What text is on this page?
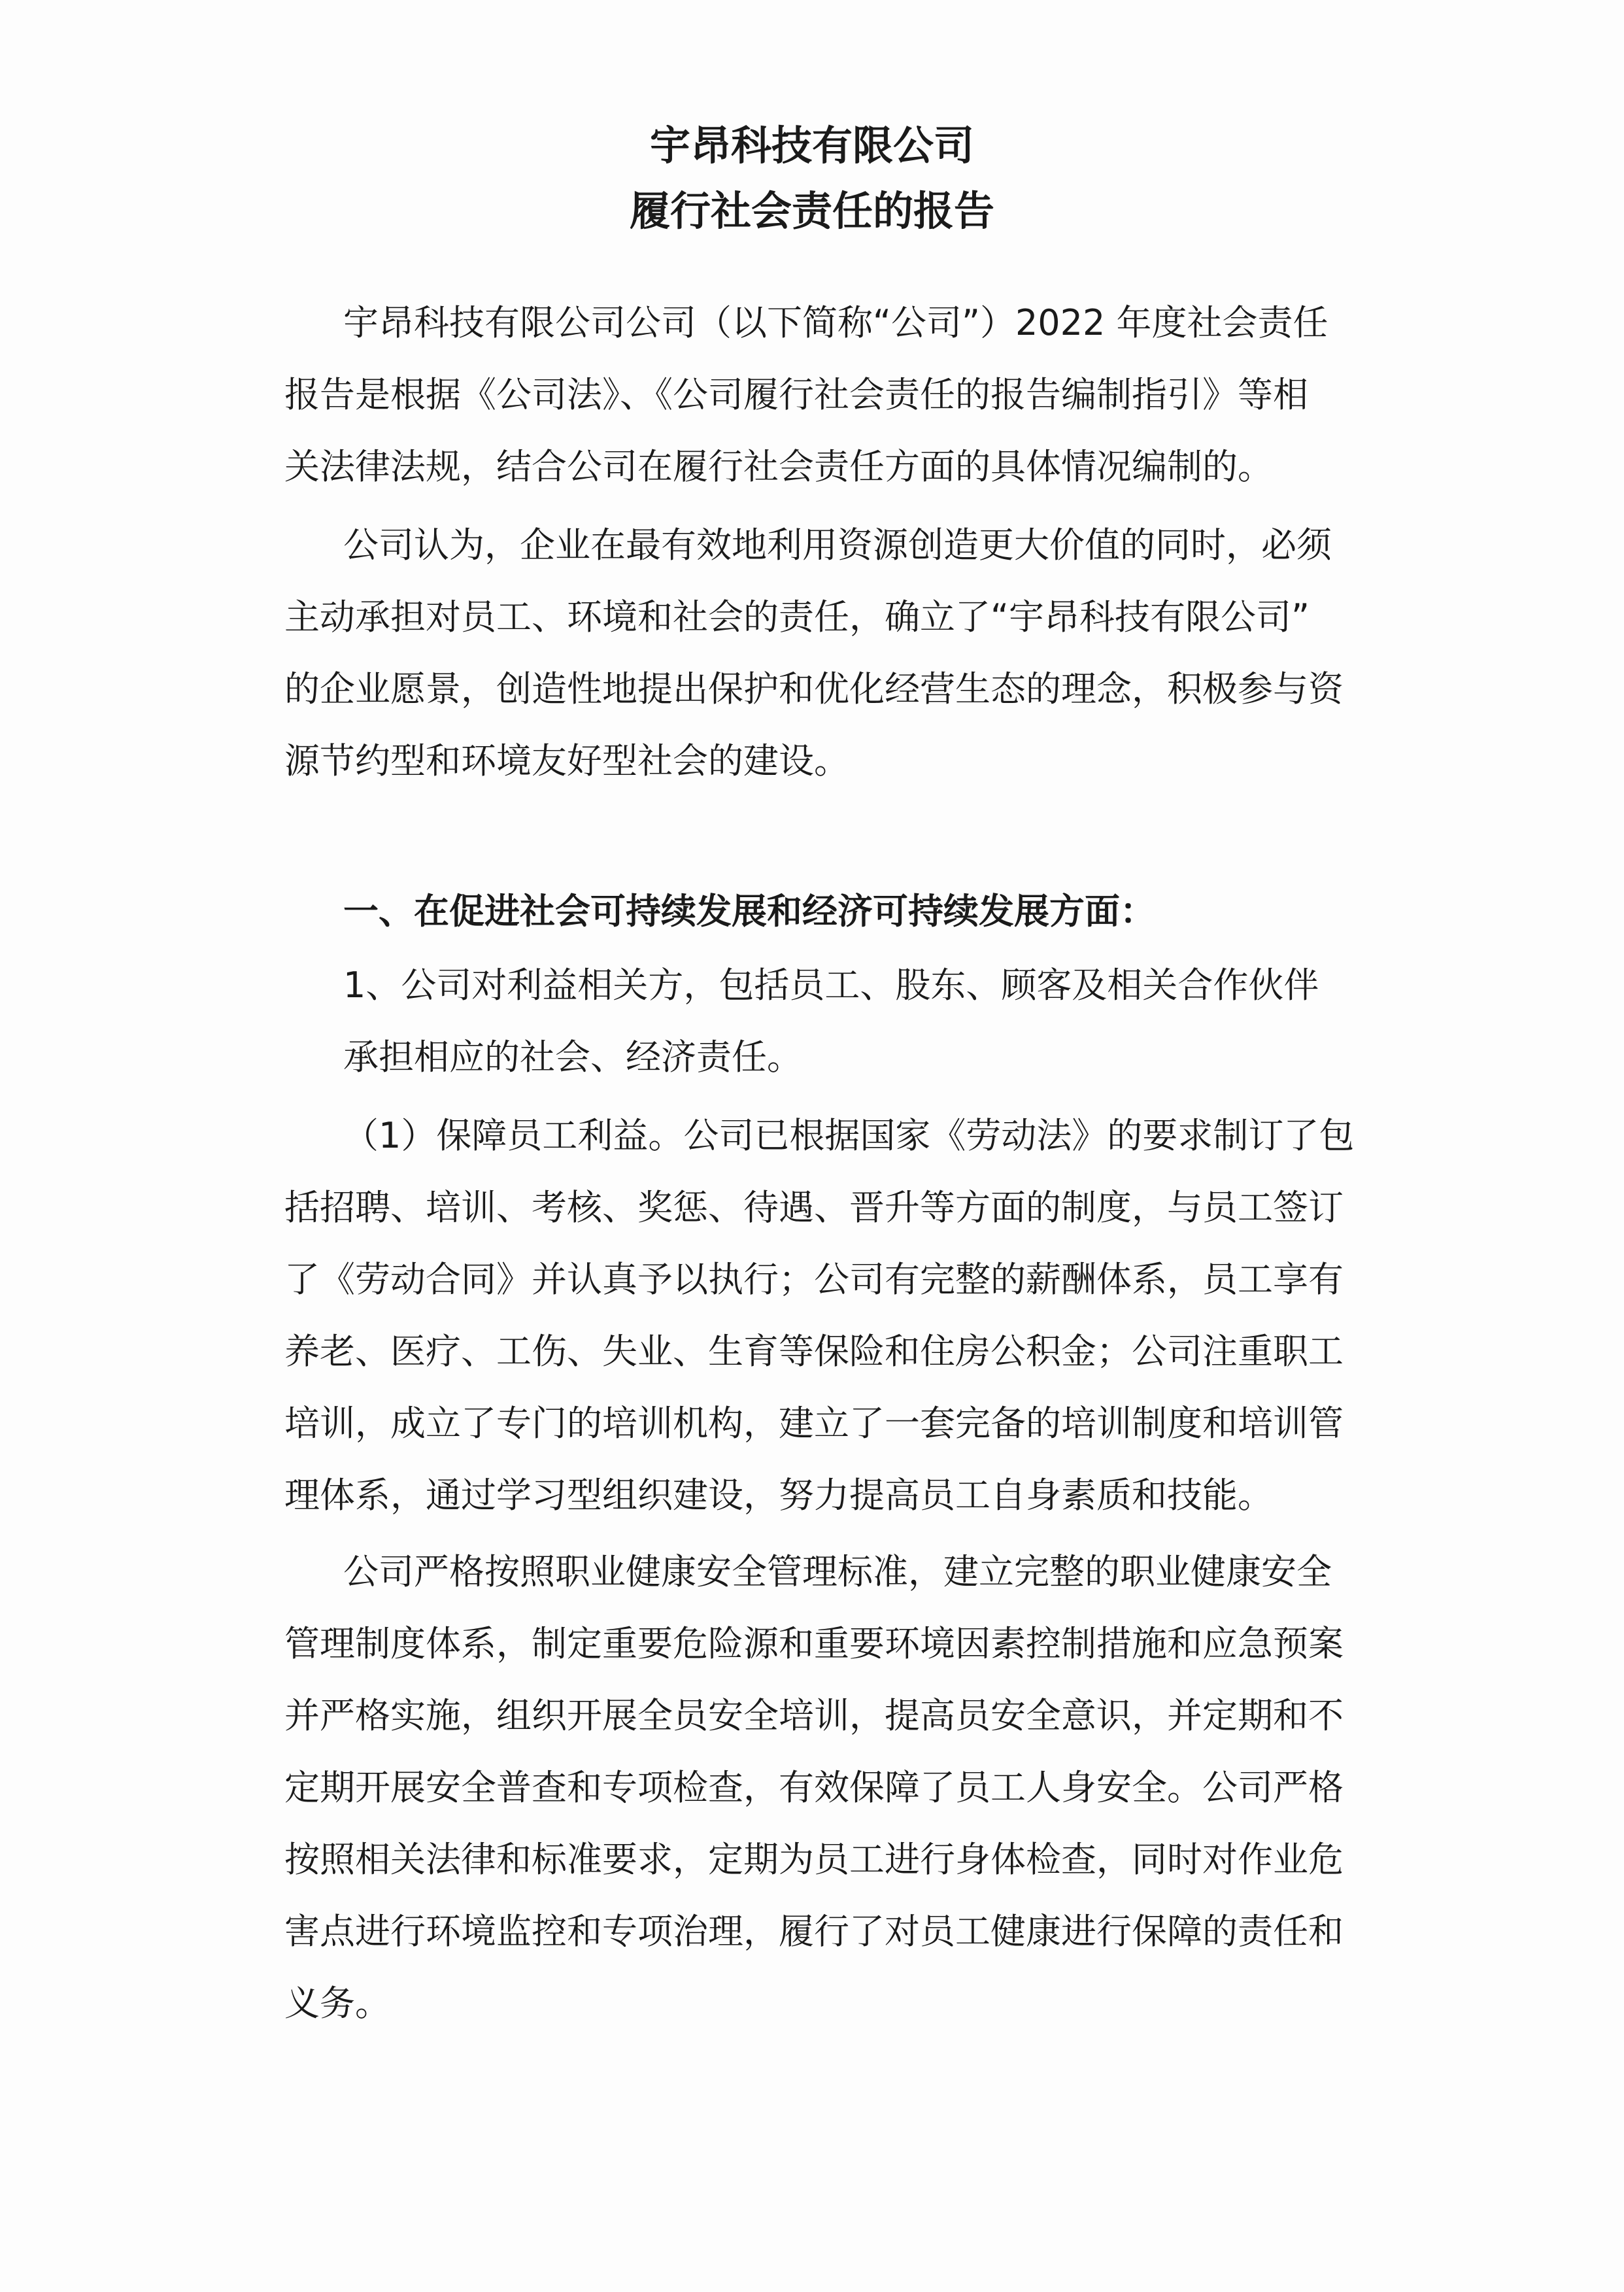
宇昂科技有限公司
履行社会责任的报告

宇昂科技有限公司公司（以下简称“公司”）2022 年度社会责任

报告是根据《公司法》、《公司履行社会责任的报告编制指引》等相

关法律法规，结合公司在履行社会责任方面的具体情况编制的。

公司认为，企业在最有效地利用资源创造更大价值的同时，必须

主动承担对员工、环境和社会的责任，确立了“宇昂科技有限公司”

的企业愿景，创造性地提出保护和优化经营生态的理念，积极参与资

源节约型和环境友好型社会的建设。

一、在促进社会可持续发展和经济可持续发展方面：

1、公司对利益相关方，包括员工、股东、顾客及相关合作伙伴

承担相应的社会、经济责任。

（1）保障员工利益。公司已根据国家《劳动法》的要求制订了包

括招聘、培训、考核、奖惩、待遇、晋升等方面的制度，与员工签订

了《劳动合同》并认真予以执行；公司有完整的薪酬体系，员工享有

养老、医疗、工伤、失业、生育等保险和住房公积金；公司注重职工

培训，成立了专门的培训机构，建立了一套完备的培训制度和培训管

理体系，通过学习型组织建设，努力提高员工自身素质和技能。

公司严格按照职业健康安全管理标准，建立完整的职业健康安全

管理制度体系，制定重要危险源和重要环境因素控制措施和应急预案

并严格实施，组织开展全员安全培训，提高员安全意识，并定期和不

定期开展安全普查和专项检查，有效保障了员工人身安全。公司严格

按照相关法律和标准要求，定期为员工进行身体检查，同时对作业危

害点进行环境监控和专项治理，履行了对员工健康进行保障的责任和

义务。
